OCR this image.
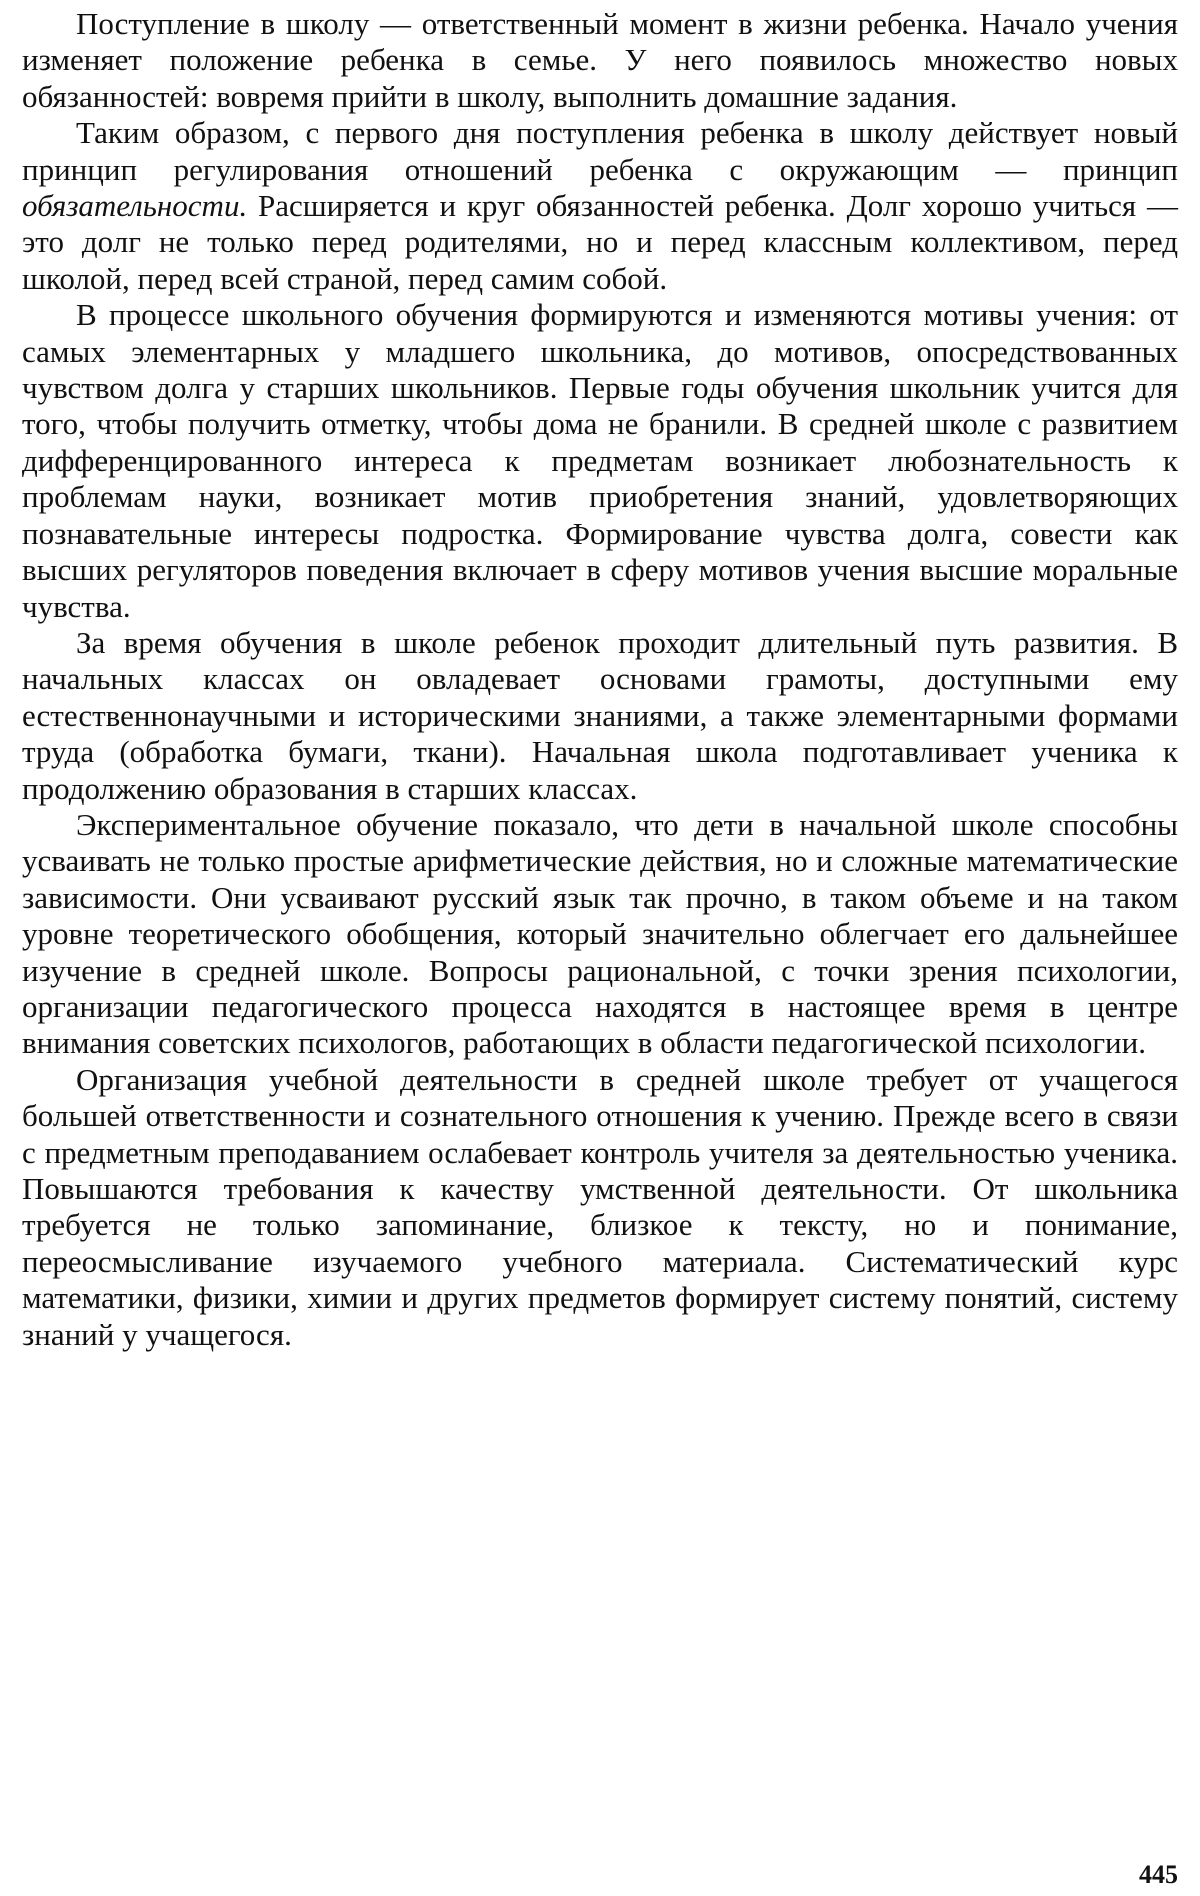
Поступление в школу — ответственный момент в жизни ребенка. Начало учения изменяет положение ребенка в семье. У него появилось множество новых обязанностей: вовремя прийти в школу, выполнить домашние задания.

Таким образом, с первого дня поступления ребенка в школу действует новый принцип регулирования отношений ребенка с окружающим — принцип обязательности. Расширяется и круг обязанностей ребенка. Долг хорошо учиться — это долг не только перед родителями, но и перед классным коллективом, перед школой, перед всей страной, перед самим собой.

В процессе школьного обучения формируются и изменяются мотивы учения: от самых элементарных у младшего школьника, до мотивов, опосредствованных чувством долга у старших школьников. Первые годы обучения школьник учится для того, чтобы получить отметку, чтобы дома не бранили. В средней школе с развитием дифференцированного интереса к предметам возникает любознательность к проблемам науки, возникает мотив приобретения знаний, удовлетворяющих познавательные интересы подростка. Формирование чувства долга, совести как высших регуляторов поведения включает в сферу мотивов учения высшие моральные чувства.

За время обучения в школе ребенок проходит длительный путь развития. В начальных классах он овладевает основами грамоты, доступными ему естественнонаучными и историческими знаниями, а также элементарными формами труда (обработка бумаги, ткани). Начальная школа подготавливает ученика к продолжению образования в старших классах.

Экспериментальное обучение показало, что дети в начальной школе способны усваивать не только простые арифметические действия, но и сложные математические зависимости. Они усваивают русский язык так прочно, в таком объеме и на таком уровне теоретического обобщения, который значительно облегчает его дальнейшее изучение в средней школе. Вопросы рациональной, с точки зрения психологии, организации педагогического процесса находятся в настоящее время в центре внимания советских психологов, работающих в области педагогической психологии.

Организация учебной деятельности в средней школе требует от учащегося большей ответственности и сознательного отношения к учению. Прежде всего в связи с предметным преподаванием ослабевает контроль учителя за деятельностью ученика. Повышаются требования к качеству умственной деятельности. От школьника требуется не только запоминание, близкое к тексту, но и понимание, переосмысливание изучаемого учебного материала. Систематический курс математики, физики, химии и других предметов формирует систему понятий, систему знаний у учащегося.

445
